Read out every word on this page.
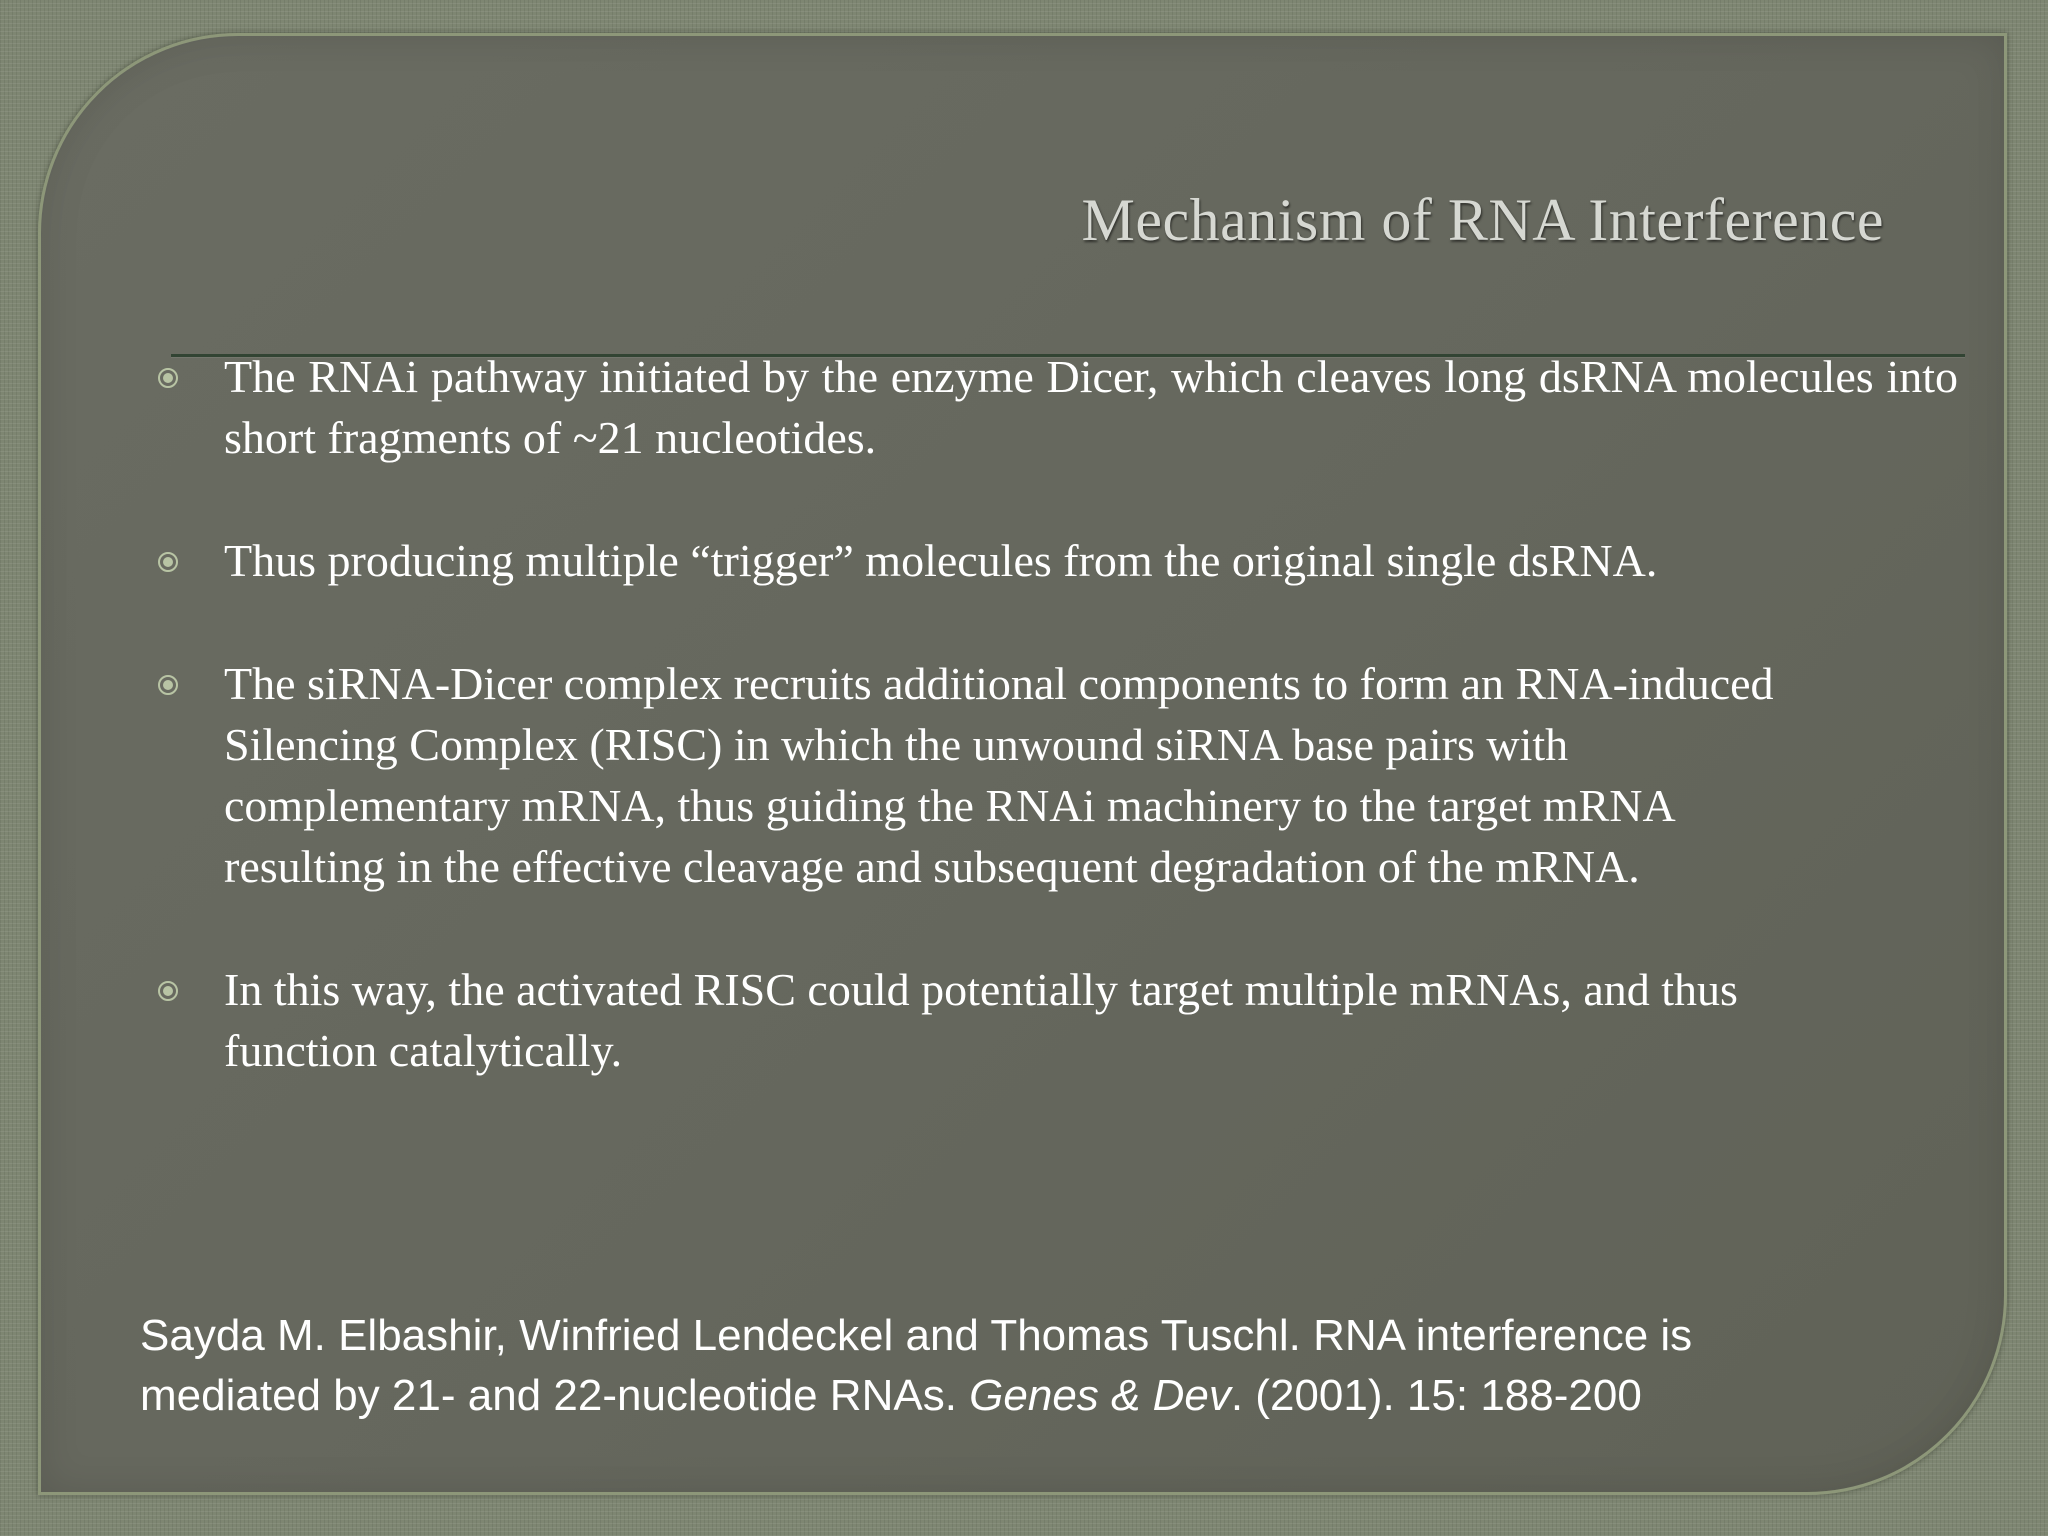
Mechanism of RNA Interference
The RNAi pathway initiated by the enzyme Dicer, which cleaves long dsRNA molecules into short fragments of ~21 nucleotides.
Thus producing multiple “trigger” molecules from the original single dsRNA.
The siRNA-Dicer complex recruits additional components to form an RNA-induced
Silencing Complex (RISC) in which the unwound siRNA base pairs with
complementary mRNA, thus guiding the RNAi machinery to the target mRNA
resulting in the effective cleavage and subsequent degradation of the mRNA.
In this way, the activated RISC could potentially target multiple mRNAs, and thus
function catalytically.

Sayda M. Elbashir, Winfried Lendeckel and Thomas Tuschl. RNA interference is
mediated by 21- and 22-nucleotide RNAs. Genes & Dev. (2001). 15: 188-200
